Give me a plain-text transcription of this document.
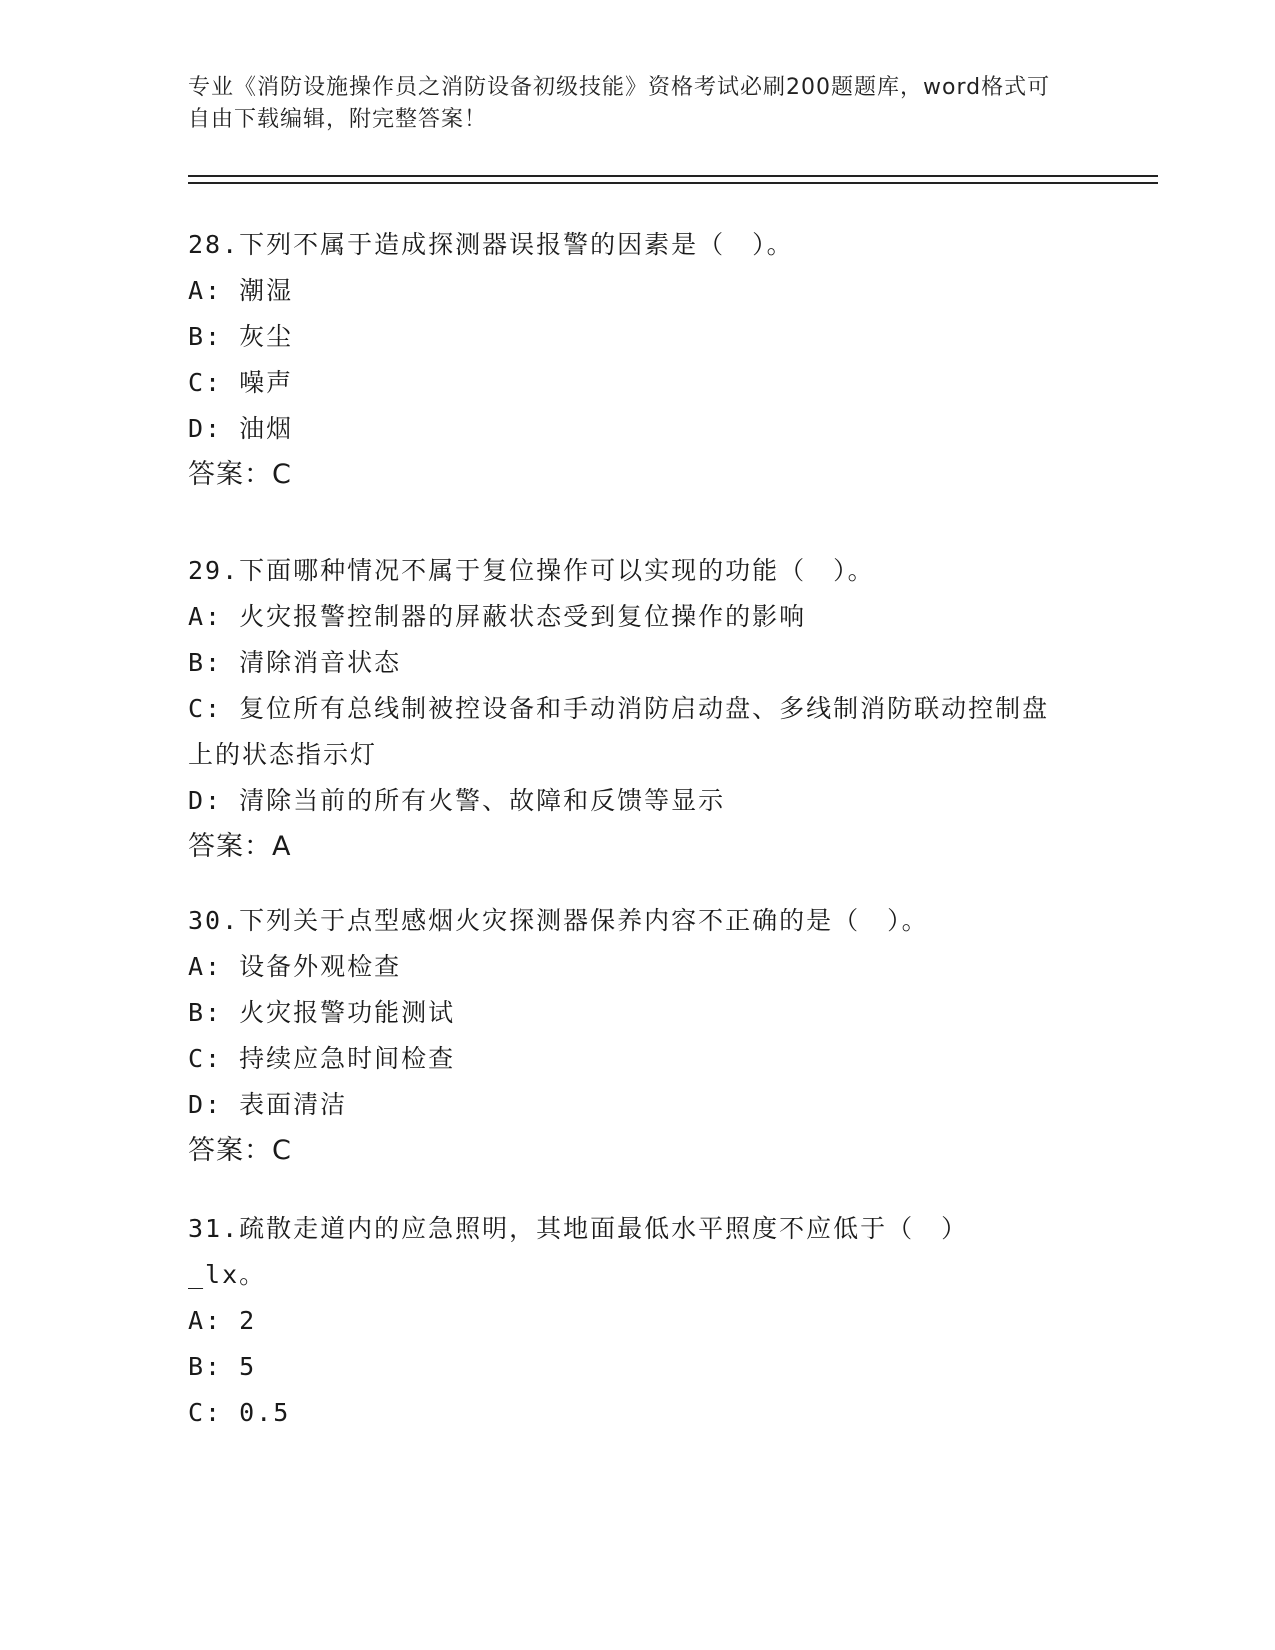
专业《消防设施操作员之消防设备初级技能》资格考试必刷200题题库，word格式可自由下载编辑，附完整答案！
28.下列不属于造成探测器误报警的因素是（　）。
A: 潮湿
B: 灰尘
C: 噪声
D: 油烟
答案：C
29.下面哪种情况不属于复位操作可以实现的功能（　）。
A: 火灾报警控制器的屏蔽状态受到复位操作的影响
B: 清除消音状态
C: 复位所有总线制被控设备和手动消防启动盘、多线制消防联动控制盘上的状态指示灯
D: 清除当前的所有火警、故障和反馈等显示
答案：A
30.下列关于点型感烟火灾探测器保养内容不正确的是（　）。
A: 设备外观检查
B: 火灾报警功能测试
C: 持续应急时间检查
D: 表面清洁
答案：C
31.疏散走道内的应急照明，其地面最低水平照度不应低于（　）_lx。
A: 2
B: 5
C: 0.5
